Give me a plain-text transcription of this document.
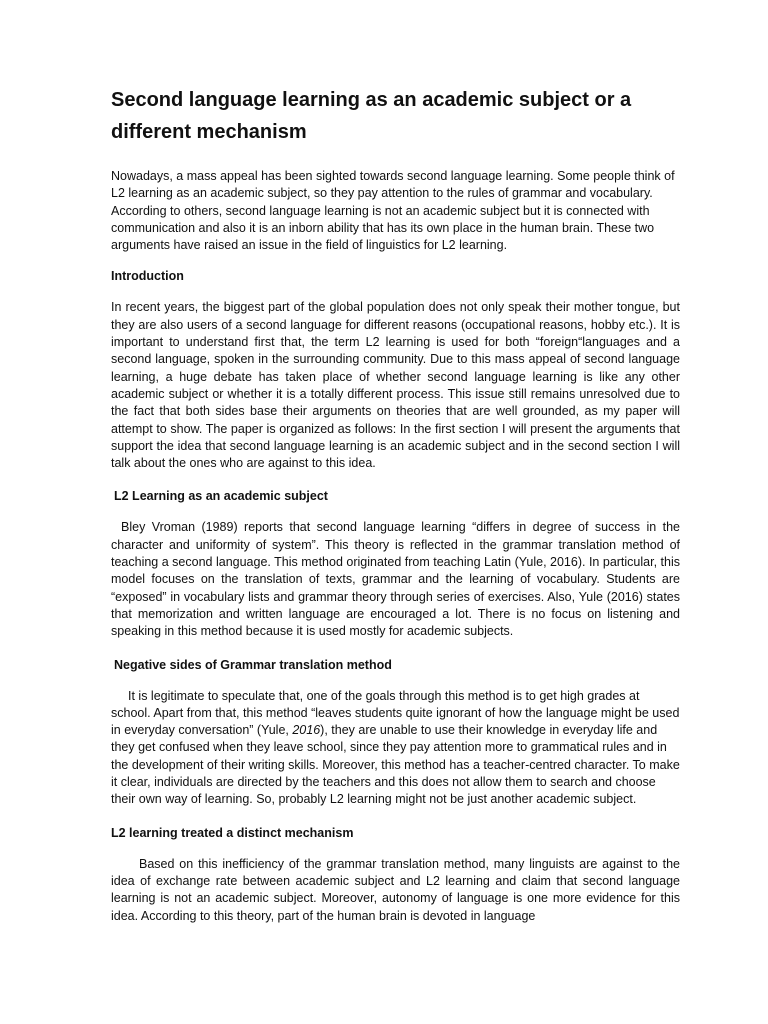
Second language learning as an academic subject or a different mechanism

Nowadays, a mass appeal has been sighted towards second language learning. Some people think of L2 learning as an academic subject, so they pay attention to the rules of grammar and vocabulary. According to others, second language learning is not an academic subject but it is connected with communication and also it is an inborn ability that has its own place in the human brain. These two arguments have raised an issue in the field of linguistics for L2 learning.

Introduction

In recent years, the biggest part of the global population does not only speak their mother tongue, but they are also users of a second language for different reasons (occupational reasons, hobby etc.). It is important to understand first that, the term L2 learning is used for both “foreign“languages and a second language, spoken in the surrounding community. Due to this mass appeal of second language learning, a huge debate has taken place of whether second language learning is like any other academic subject or whether it is a totally different process. This issue still remains unresolved due to the fact that both sides base their arguments on theories that are well grounded, as my paper will attempt to show. The paper is organized as follows: In the first section I will present the arguments that support the idea that second language learning is an academic subject and in the second section I will talk about the ones who are against to this idea.

L2 Learning as an academic subject

Bley Vroman (1989) reports that second language learning “differs in degree of success in the character and uniformity of system”. This theory is reflected in the grammar translation method of teaching a second language. This method originated from teaching Latin (Yule, 2016). In particular, this model focuses on the translation of texts, grammar and the learning of vocabulary. Students are “exposed” in vocabulary lists and grammar theory through series of exercises. Also, Yule (2016) states that memorization and written language are encouraged a lot. There is no focus on listening and speaking in this method because it is used mostly for academic subjects.

Negative sides of Grammar translation method

It is legitimate to speculate that, one of the goals through this method is to get high grades at school. Apart from that, this method “leaves students quite ignorant of how the language might be used in everyday conversation” (Yule, 2016), they are unable to use their knowledge in everyday life and they get confused when they leave school, since they pay attention more to grammatical rules and in the development of their writing skills. Moreover, this method has a teacher-centred character. To make it clear, individuals are directed by the teachers and this does not allow them to search and choose their own way of learning. So, probably L2 learning might not be just another academic subject.

L2 learning treated a distinct mechanism

Based on this inefficiency of the grammar translation method, many linguists are against to the idea of exchange rate between academic subject and L2 learning and claim that second language learning is not an academic subject. Moreover, autonomy of language is one more evidence for this idea. According to this theory, part of the human brain is devoted in language
